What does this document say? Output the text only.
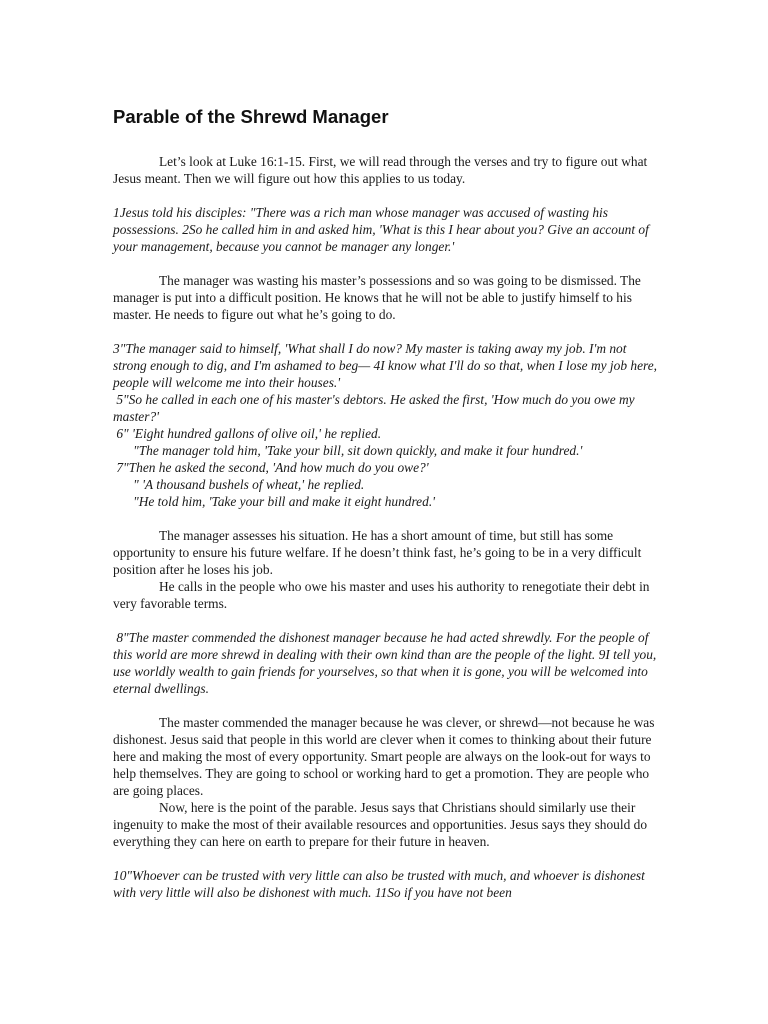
Parable of the Shrewd Manager

Let’s look at Luke 16:1-15. First, we will read through the verses and try to figure out what Jesus meant. Then we will figure out how this applies to us today.

1Jesus told his disciples: "There was a rich man whose manager was accused of wasting his possessions. 2So he called him in and asked him, 'What is this I hear about you? Give an account of your management, because you cannot be manager any longer.'

The manager was wasting his master’s possessions and so was going to be dismissed. The manager is put into a difficult position. He knows that he will not be able to justify himself to his master. He needs to figure out what he’s going to do.

3"The manager said to himself, 'What shall I do now? My master is taking away my job. I'm not strong enough to dig, and I'm ashamed to beg— 4I know what I'll do so that, when I lose my job here, people will welcome me into their houses.'
5"So he called in each one of his master's debtors. He asked the first, 'How much do you owe my master?'
6" 'Eight hundred gallons of olive oil,' he replied.
"The manager told him, 'Take your bill, sit down quickly, and make it four hundred.'
7"Then he asked the second, 'And how much do you owe?'
" 'A thousand bushels of wheat,' he replied.
"He told him, 'Take your bill and make it eight hundred.'

The manager assesses his situation. He has a short amount of time, but still has some opportunity to ensure his future welfare. If he doesn’t think fast, he’s going to be in a very difficult position after he loses his job.

He calls in the people who owe his master and uses his authority to renegotiate their debt in very favorable terms.

8"The master commended the dishonest manager because he had acted shrewdly. For the people of this world are more shrewd in dealing with their own kind than are the people of the light. 9I tell you, use worldly wealth to gain friends for yourselves, so that when it is gone, you will be welcomed into eternal dwellings.

The master commended the manager because he was clever, or shrewd—not because he was dishonest. Jesus said that people in this world are clever when it comes to thinking about their future here and making the most of every opportunity. Smart people are always on the look-out for ways to help themselves. They are going to school or working hard to get a promotion. They are people who are going places.

Now, here is the point of the parable. Jesus says that Christians should similarly use their ingenuity to make the most of their available resources and opportunities. Jesus says they should do everything they can here on earth to prepare for their future in heaven.

10"Whoever can be trusted with very little can also be trusted with much, and whoever is dishonest with very little will also be dishonest with much. 11So if you have not been
